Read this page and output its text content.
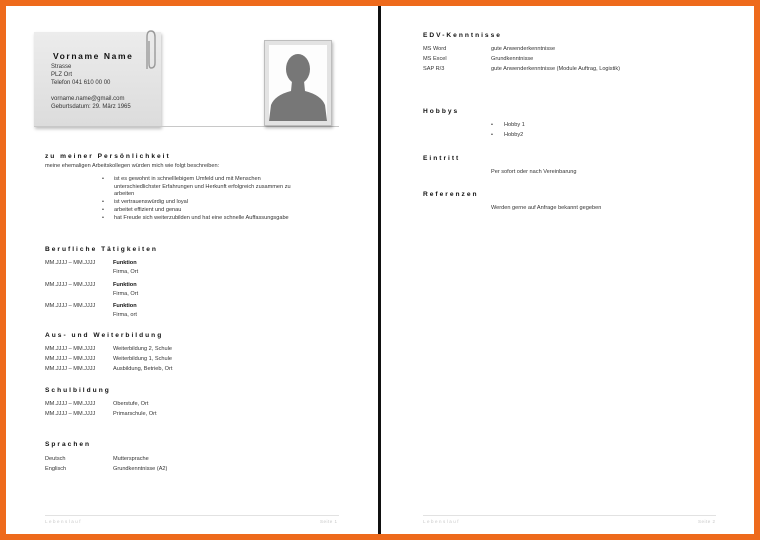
Vorname Name
Strasse
PLZ Ort
Telefon 041 610 00 00
vorname.name@gmail.com
Geburtsdatum: 29. März 1965
zu meiner Persönlichkeit
meine ehemaligen Arbeitskollegen würden mich wie folgt beschreiben:
• ist es gewohnt in schnelllebigem Umfeld und mit Menschen
unterschiedlichster Erfahrungen und Herkunft erfolgreich zusammen zu
arbeiten
• ist vertrauenswürdig und loyal
• arbeitet effizient und genau
• hat Freude sich weiterzubilden und hat eine schnelle Auffassungsgabe
Berufliche Tätigkeiten
MM.JJJJ – MM.JJJJ	Funktion
Firma, Ort
MM.JJJJ – MM.JJJJ	Funktion
Firma, Ort
MM.JJJJ – MM.JJJJ	Funktion
Firma, ort
Aus- und Weiterbildung
MM.JJJJ – MM.JJJJ	Weiterbildung 2, Schule
MM.JJJJ – MM.JJJJ	Weiterbildung 1, Schule
MM.JJJJ – MM.JJJJ	Ausbildung, Betrieb, Ort
Schulbildung
MM.JJJJ – MM.JJJJ	Oberstufe, Ort
MM.JJJJ – MM.JJJJ	Primarschule, Ort
Sprachen
Deutsch	Muttersprache
Englisch	Grundkenntnisse (A2)
Lebenslauf	Seite 1
EDV-Kenntnisse
MS Word	gute Anwenderkenntnisse
MS Excel	Grundkenntnisse
SAP R/3	gute Anwenderkenntnisse (Module Auftrag, Logistik)
Hobbys
• Hobby 1
• Hobby2
Eintritt
Per sofort oder nach Vereinbarung
Referenzen
Werden gerne auf Anfrage bekannt gegeben
Lebenslauf	Seite 2
